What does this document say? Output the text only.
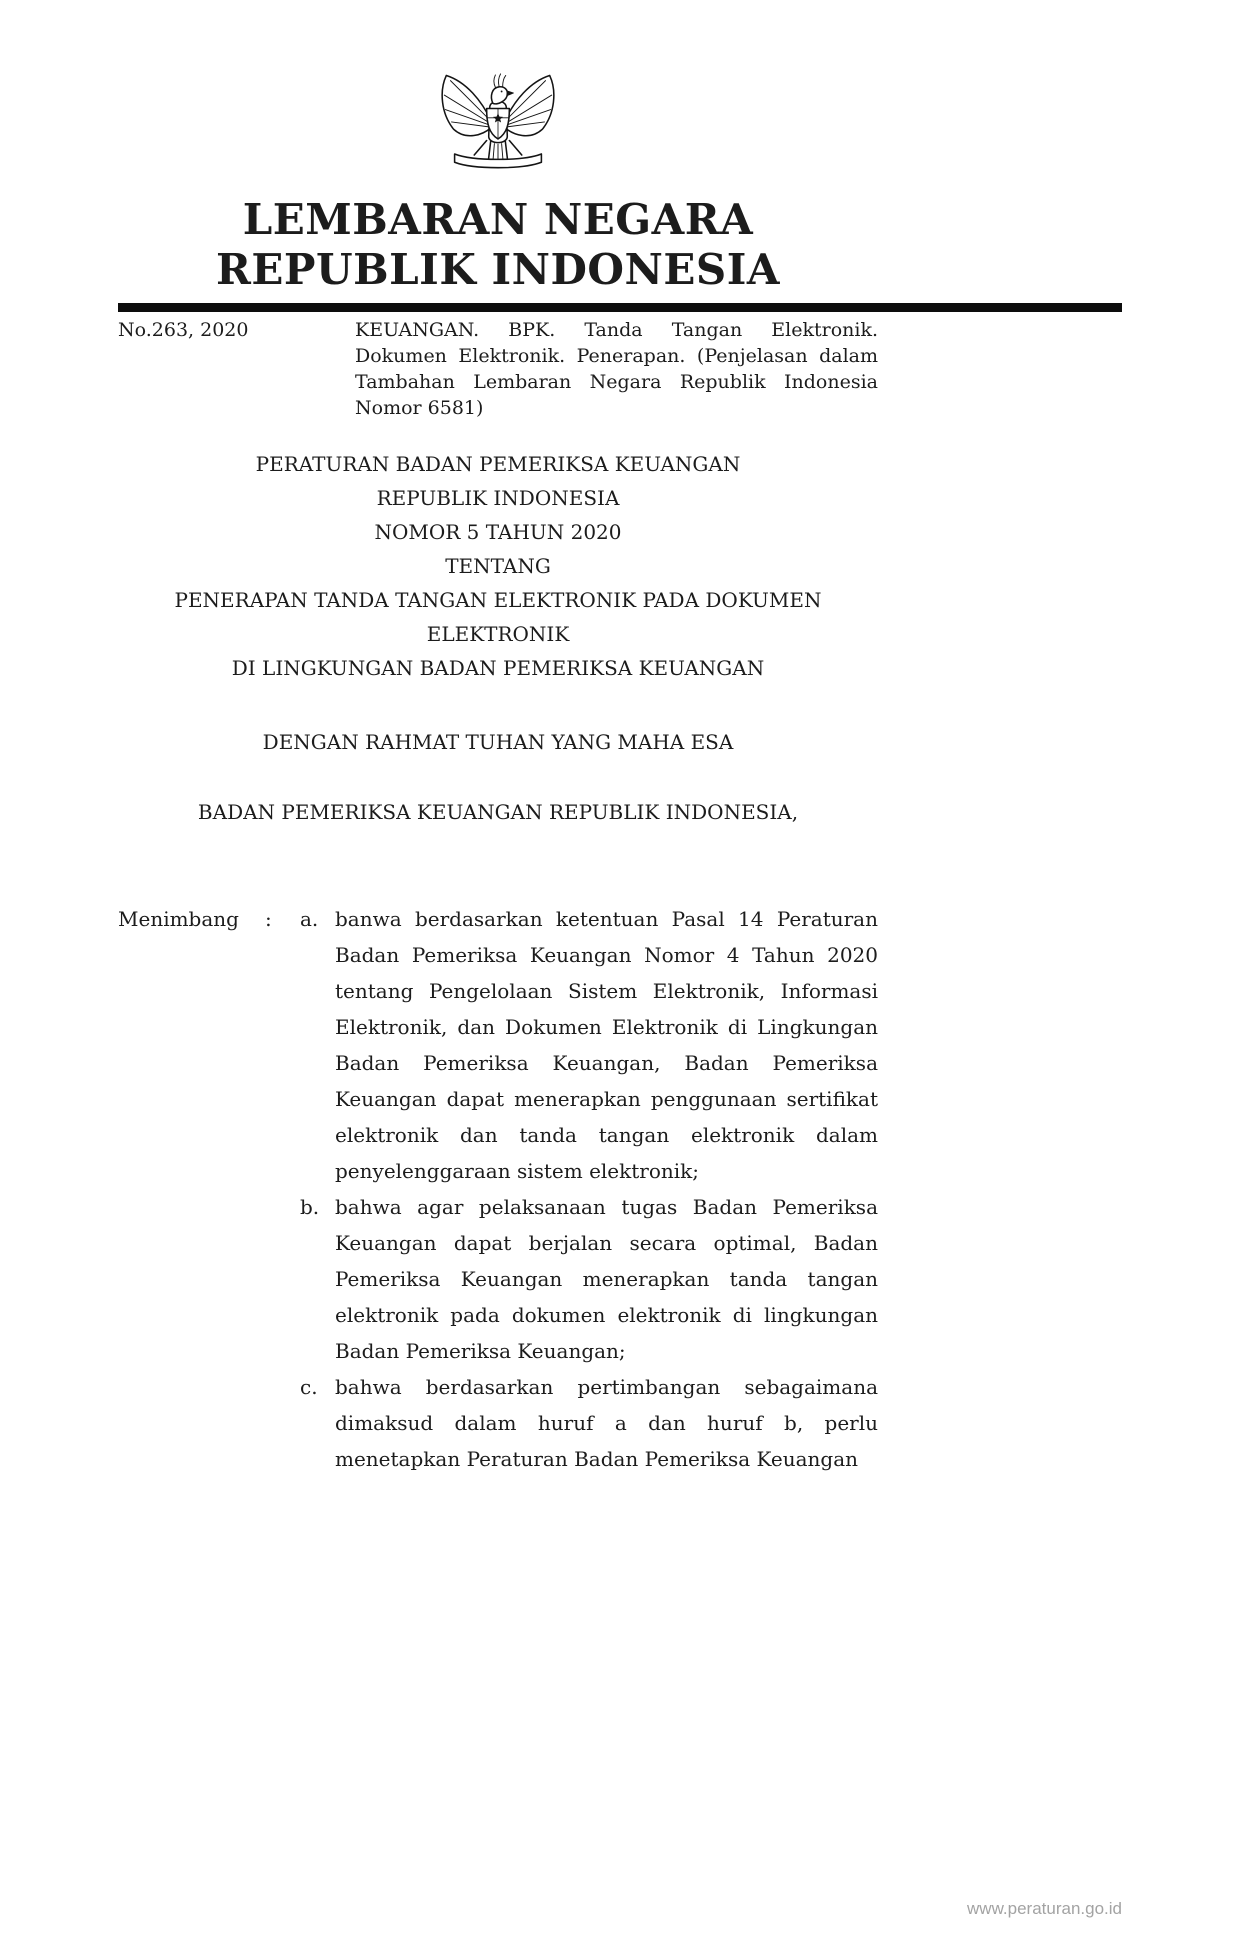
LEMBARAN NEGARA
REPUBLIK INDONESIA
No.263, 2020	KEUANGAN. BPK. Tanda Tangan Elektronik.
Dokumen Elektronik. Penerapan. (Penjelasan dalam
Tambahan Lembaran Negara Republik Indonesia
Nomor 6581)
PERATURAN BADAN PEMERIKSA KEUANGAN
REPUBLIK INDONESIA
NOMOR 5 TAHUN 2020
TENTANG
PENERAPAN TANDA TANGAN ELEKTRONIK PADA DOKUMEN ELEKTRONIK
DI LINGKUNGAN BADAN PEMERIKSA KEUANGAN
DENGAN RAHMAT TUHAN YANG MAHA ESA
BADAN PEMERIKSA KEUANGAN REPUBLIK INDONESIA,
Menimbang	:	a. banwa berdasarkan ketentuan Pasal 14 Peraturan Badan Pemeriksa Keuangan Nomor 4 Tahun 2020 tentang Pengelolaan Sistem Elektronik, Informasi Elektronik, dan Dokumen Elektronik di Lingkungan Badan Pemeriksa Keuangan, Badan Pemeriksa Keuangan dapat menerapkan penggunaan sertifikat elektronik dan tanda tangan elektronik dalam penyelenggaraan sistem elektronik;
b. bahwa agar pelaksanaan tugas Badan Pemeriksa Keuangan dapat berjalan secara optimal, Badan Pemeriksa Keuangan menerapkan tanda tangan elektronik pada dokumen elektronik di lingkungan Badan Pemeriksa Keuangan;
c. bahwa berdasarkan pertimbangan sebagaimana dimaksud dalam huruf a dan huruf b, perlu menetapkan Peraturan Badan Pemeriksa Keuangan
www.peraturan.go.id
